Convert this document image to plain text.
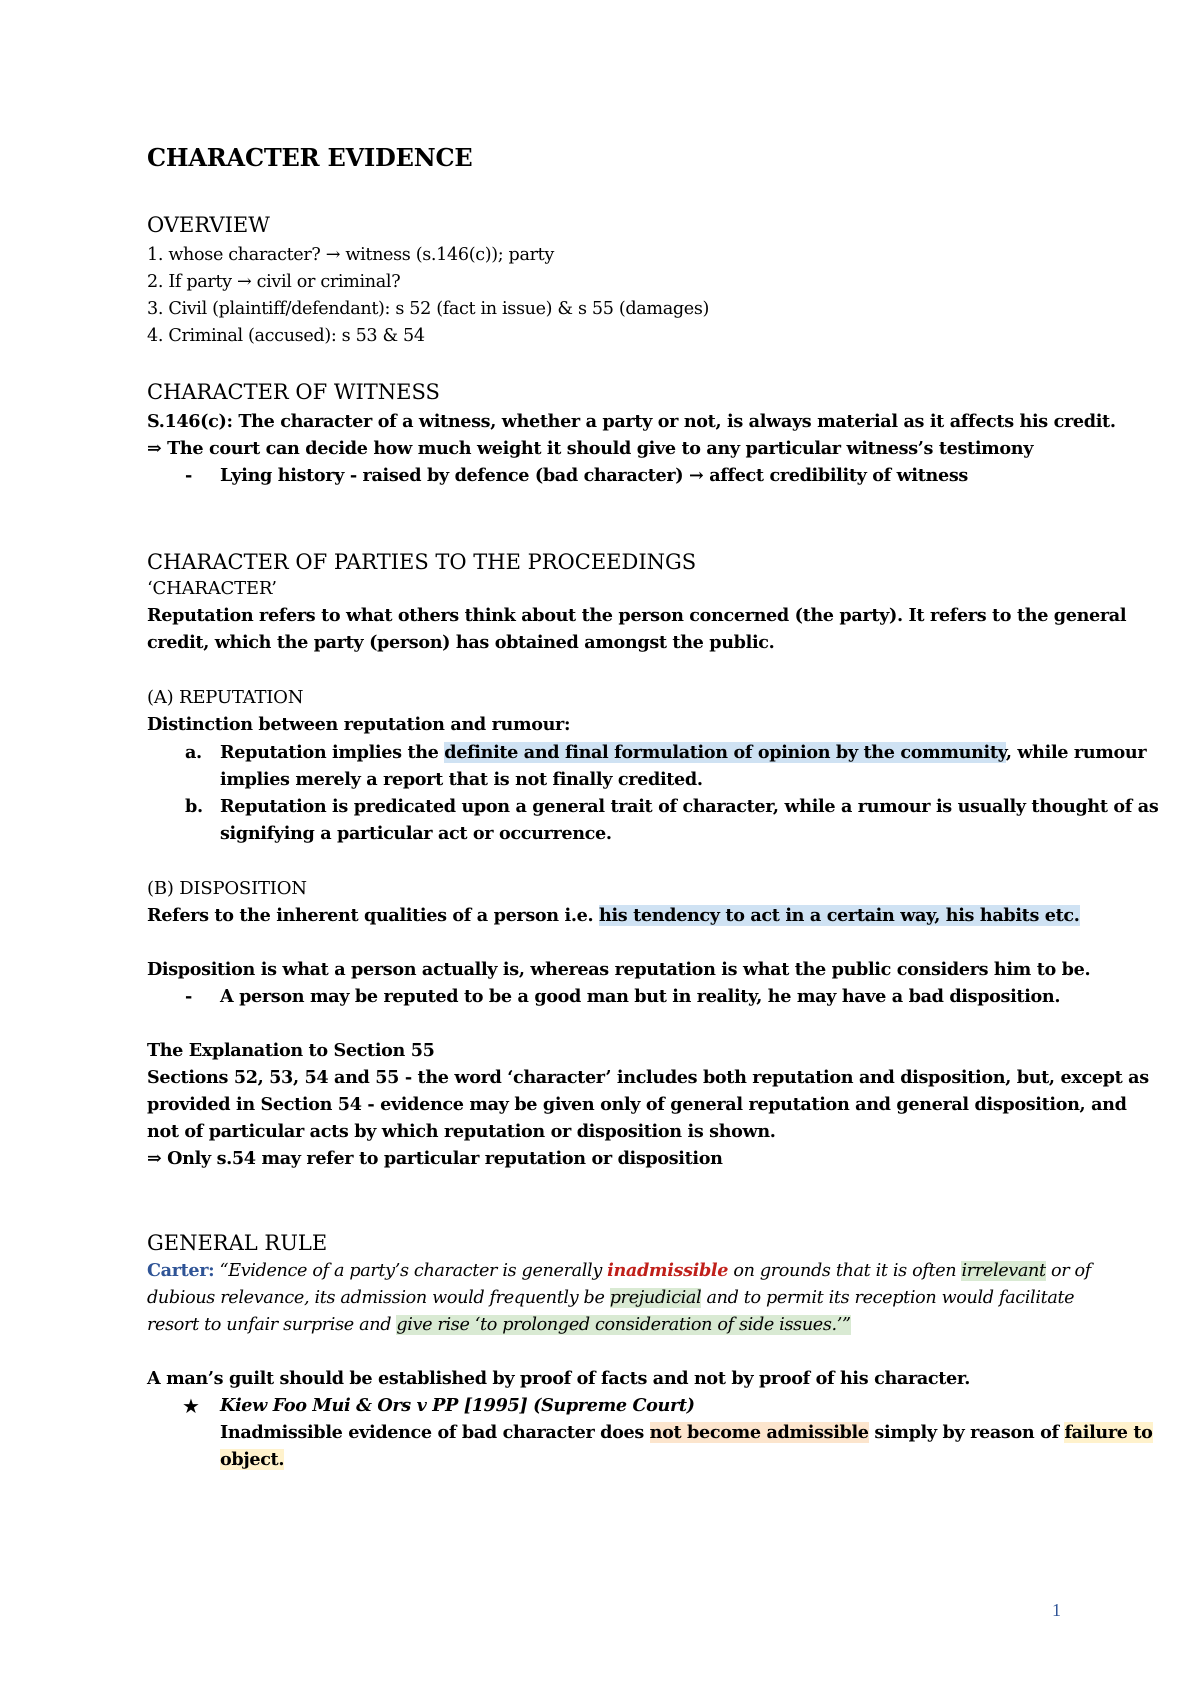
CHARACTER EVIDENCE
OVERVIEW
1. whose character? → witness (s.146(c)); party
2. If party → civil or criminal?
3. Civil (plaintiff/defendant): s 52 (fact in issue) & s 55 (damages)
4. Criminal (accused): s 53 & 54
CHARACTER OF WITNESS
S.146(c): The character of a witness, whether a party or not, is always material as it affects his credit.
⇒ The court can decide how much weight it should give to any particular witness’s testimony
- Lying history - raised by defence (bad character) → affect credibility of witness
CHARACTER OF PARTIES TO THE PROCEEDINGS
‘CHARACTER’
Reputation refers to what others think about the person concerned (the party). It refers to the general
credit, which the party (person) has obtained amongst the public.
(A) REPUTATION
Distinction between reputation and rumour:
a. Reputation implies the definite and final formulation of opinion by the community, while rumour
implies merely a report that is not finally credited.
b. Reputation is predicated upon a general trait of character, while a rumour is usually thought of as
signifying a particular act or occurrence.
(B) DISPOSITION
Refers to the inherent qualities of a person i.e. his tendency to act in a certain way, his habits etc.
Disposition is what a person actually is, whereas reputation is what the public considers him to be.
- A person may be reputed to be a good man but in reality, he may have a bad disposition.
The Explanation to Section 55
Sections 52, 53, 54 and 55 - the word ‘character’ includes both reputation and disposition, but, except as
provided in Section 54 - evidence may be given only of general reputation and general disposition, and
not of particular acts by which reputation or disposition is shown.
⇒ Only s.54 may refer to particular reputation or disposition
GENERAL RULE
Carter: “Evidence of a party’s character is generally inadmissible on grounds that it is often irrelevant or of
dubious relevance, its admission would frequently be prejudicial and to permit its reception would facilitate
resort to unfair surprise and give rise ‘to prolonged consideration of side issues.’”
A man’s guilt should be established by proof of facts and not by proof of his character.
★ Kiew Foo Mui & Ors v PP [1995] (Supreme Court)
Inadmissible evidence of bad character does not become admissible simply by reason of failure to
object.
1
